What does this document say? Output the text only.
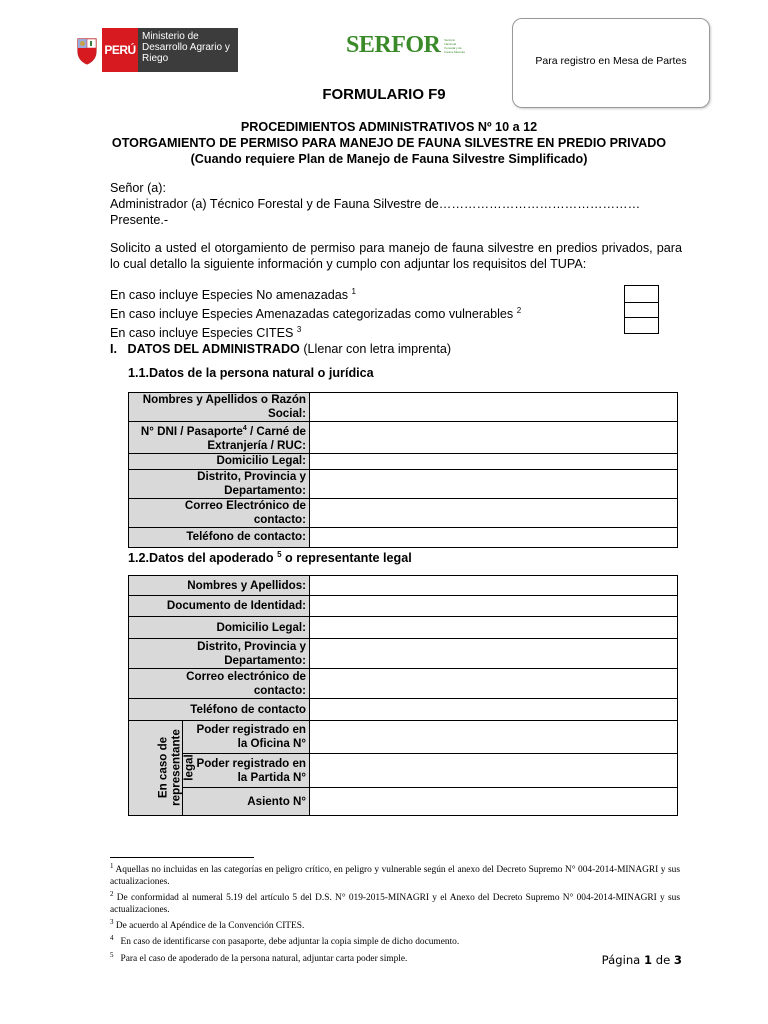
PERÚ
Ministerio de Desarrollo Agrario y Riego
SERFOR Servicio Nacional Forestal y de Fauna Silvestre
Para registro en Mesa de Partes
FORMULARIO F9
PROCEDIMIENTOS ADMINISTRATIVOS Nº 10 a 12
OTORGAMIENTO DE PERMISO PARA MANEJO DE FAUNA SILVESTRE EN PREDIO PRIVADO
(Cuando requiere Plan de Manejo de Fauna Silvestre Simplificado)
Señor (a):
Administrador (a) Técnico Forestal y de Fauna Silvestre de…………………………………………
Presente.-
Solicito a usted el otorgamiento de permiso para manejo de fauna silvestre en predios privados, para lo cual detallo la siguiente información y cumplo con adjuntar los requisitos del TUPA:
En caso incluye Especies No amenazadas $^1$
En caso incluye Especies Amenazadas categorizadas como vulnerables $^2$
En caso incluye Especies CITES $^3$
I. DATOS DEL ADMINISTRADO (Llenar con letra imprenta)
1.1.Datos de la persona natural o jurídica
Nombres y Apellidos o Razón Social:	
N° DNI / Pasaporte$^4$ / Carné de Extranjería / RUC:	
Domicilio Legal:	
Distrito, Provincia y Departamento:	
Correo Electrónico de contacto:	
Teléfono de contacto:	
1.2.Datos del apoderado $^5$ o representante legal
Nombres y Apellidos:		
Documento de Identidad:		
Domicilio Legal:		
Distrito, Provincia y Departamento:		
Correo electrónico de contacto:		
Teléfono de contacto		
En caso de representante legal	Poder registrado en la Oficina N°	
	Poder registrado en la Partida N°	
	Asiento N°	

$^1$ Aquellas no incluidas en las categorías en peligro crítico, en peligro y vulnerable según el anexo del Decreto Supremo N° 004-2014-MINAGRI y sus actualizaciones.

$^2$ De conformidad al numeral 5.19 del artículo 5 del D.S. N° 019-2015-MINAGRI y el Anexo del Decreto Supremo N° 004-2014-MINAGRI y sus actualizaciones.

$^3$ De acuerdo al Apéndice de la Convención CITES.

$^4$   En caso de identificarse con pasaporte, debe adjuntar la copia simple de dicho documento.

$^5$   Para el caso de apoderado de la persona natural, adjuntar carta poder simple.	Página 1 de 3
